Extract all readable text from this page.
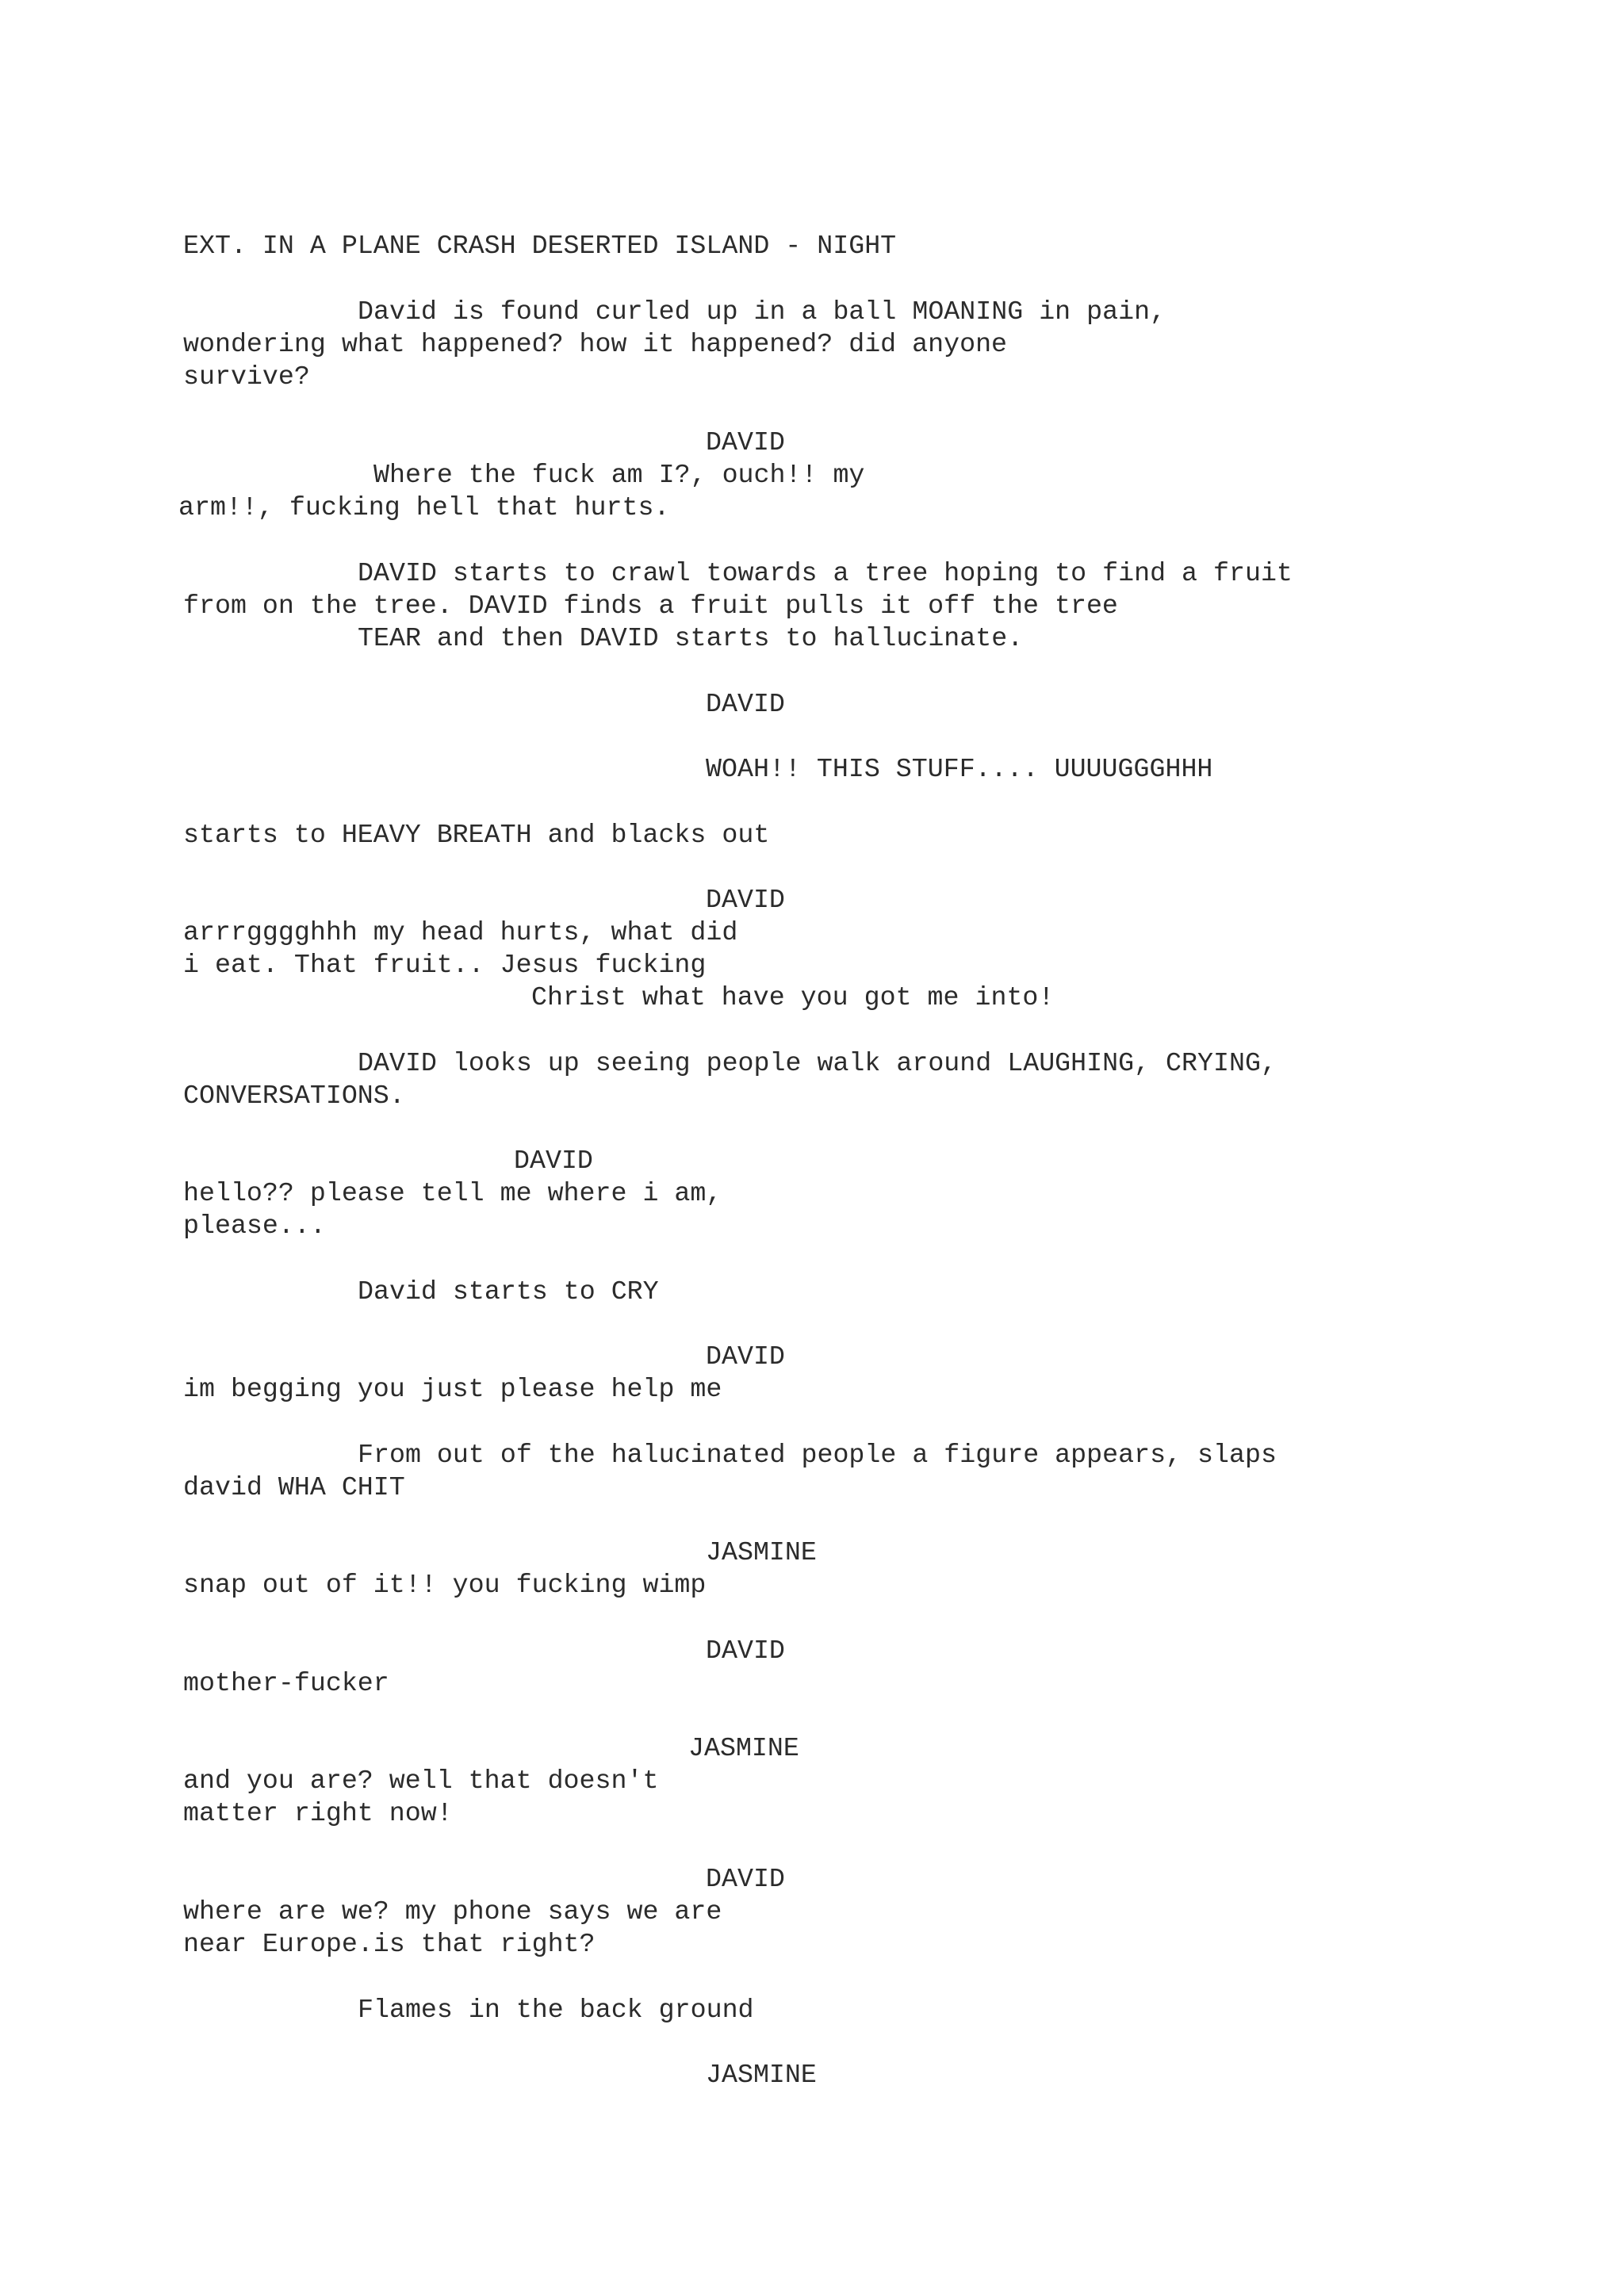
EXT. IN A PLANE CRASH DESERTED ISLAND - NIGHT
David is found curled up in a ball MOANING in pain,
wondering what happened? how it happened? did anyone
survive?
DAVID
Where the fuck am I?, ouch!! my
arm!!, fucking hell that hurts.
DAVID starts to crawl towards a tree hoping to find a fruit
from on the tree. DAVID finds a fruit pulls it off the tree
TEAR and then DAVID starts to hallucinate.
DAVID
WOAH!! THIS STUFF.... UUUUGGGHHH
starts to HEAVY BREATH and blacks out
DAVID
arrrgggghhh my head hurts, what did
i eat. That fruit.. Jesus fucking
Christ what have you got me into!
DAVID looks up seeing people walk around LAUGHING, CRYING,
CONVERSATIONS.
DAVID
hello?? please tell me where i am,
please...
David starts to CRY
DAVID
im begging you just please help me
From out of the halucinated people a figure appears, slaps
david WHA CHIT
JASMINE
snap out of it!! you fucking wimp
DAVID
mother-fucker
JASMINE
and you are? well that doesn't
matter right now!
DAVID
where are we? my phone says we are
near Europe.is that right?
Flames in the back ground
JASMINE
